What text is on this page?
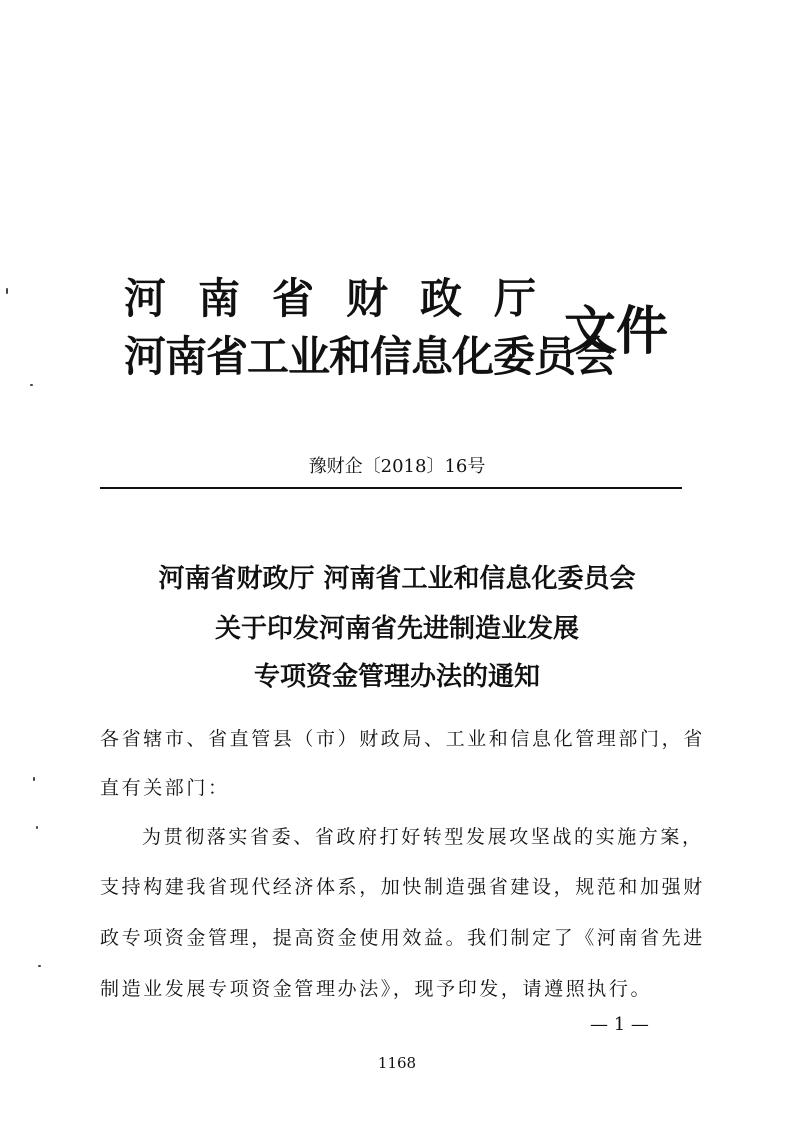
河南省财政厅
河南省工业和信息化委员会
文件
豫财企〔2018〕16号
河南省财政厅 河南省工业和信息化委员会
关于印发河南省先进制造业发展
专项资金管理办法的通知
各省辖市、省直管县（市）财政局、工业和信息化管理部门，省
直有关部门：
为贯彻落实省委、省政府打好转型发展攻坚战的实施方案，
支持构建我省现代经济体系，加快制造强省建设，规范和加强财
政专项资金管理，提高资金使用效益。我们制定了《河南省先进
制造业发展专项资金管理办法》，现予印发，请遵照执行。
— 1 —
1168
